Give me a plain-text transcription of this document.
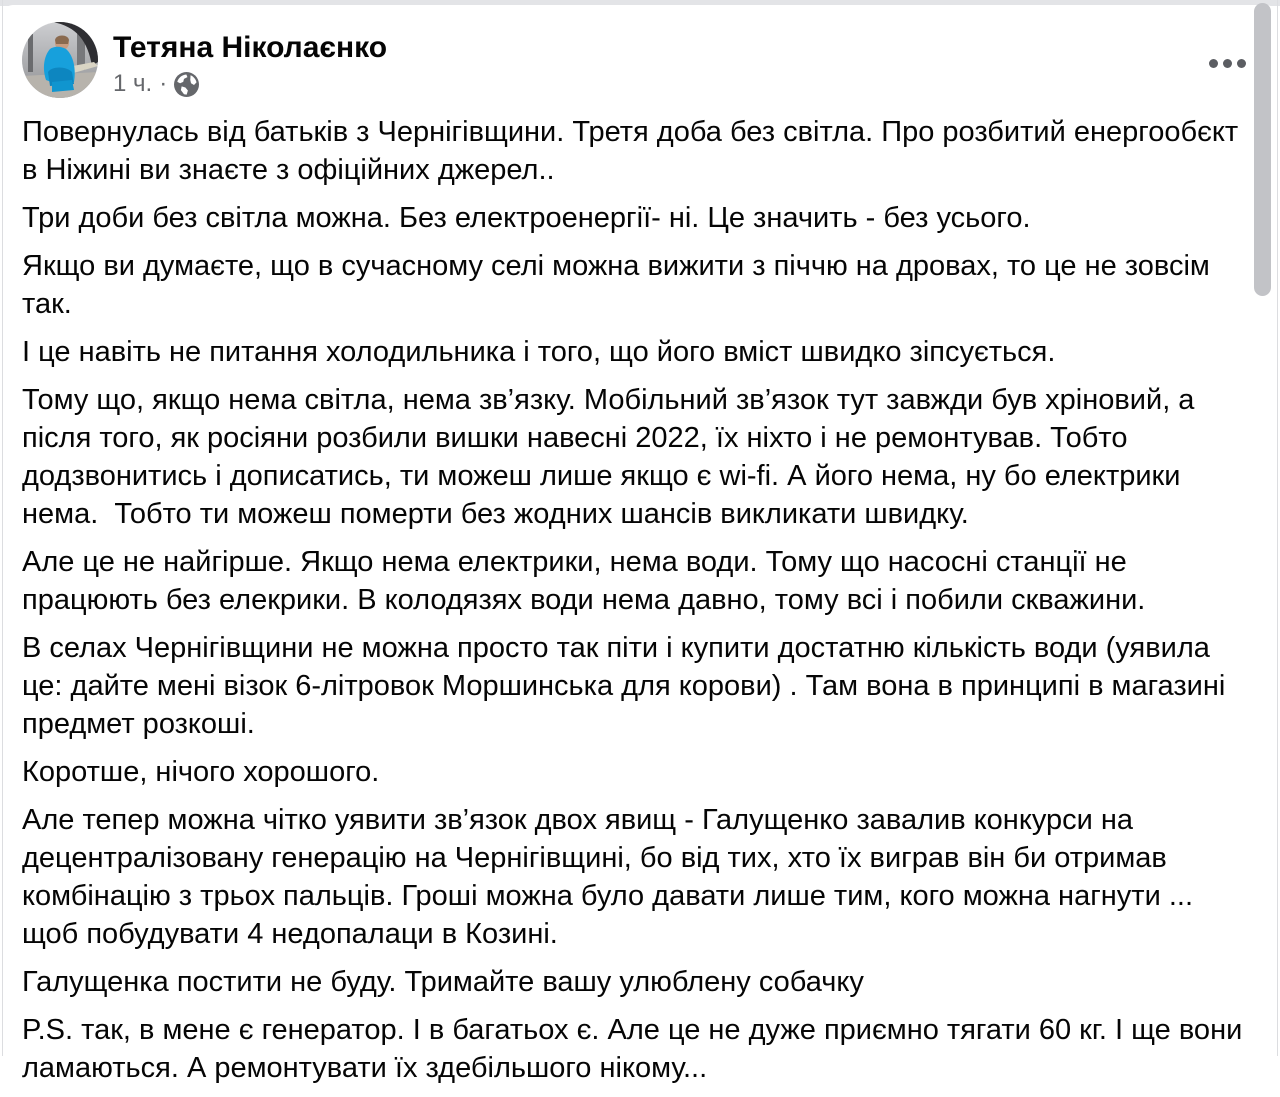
Тетяна Ніколаєнко
1 ч. ·

Повернулась від батьків з Чернігівщини. Третя доба без світла. Про розбитий енергообєкт в Ніжині ви знаєте з офіційних джерел..

Три доби без світла можна. Без електроенергії- ні. Це значить - без усього.

Якщо ви думаєте, що в сучасному селі можна вижити з піччю на дровах, то це не зовсім так.

І це навіть не питання холодильника і того, що його вміст швидко зіпсується.

Тому що, якщо нема світла, нема зв’язку. Мобільний зв’язок тут завжди був хріновий, а після того, як росіяни розбили вишки навесні 2022, їх ніхто і не ремонтував. Тобто додзвонитись і дописатись, ти можеш лише якщо є wi-fi. А його нема, ну бо електрики нема.  Тобто ти можеш померти без жодних шансів викликати швидку.

Але це не найгірше. Якщо нема електрики, нема води. Тому що насосні станції не працюють без елекрики. В колодязях води нема давно, тому всі і побили скважини.

В селах Чернігівщини не можна просто так піти і купити достатню кількість води (уявила це: дайте мені візок 6-літровок Моршинська для корови) . Там вона в принципі в магазині предмет розкоші.

Коротше, нічого хорошого.

Але тепер можна чітко уявити зв’язок двох явищ - Галущенко завалив конкурси на децентралізовану генерацію на Чернігівщині, бо від тих, хто їх виграв він би отримав комбінацію з трьох пальців. Гроші можна було давати лише тим, кого можна нагнути ... щоб побудувати 4 недопалаци в Козині.

Галущенка постити не буду. Тримайте вашу улюблену собачку

P.S. так, в мене є генератор. І в багатьох є. Але це не дуже приємно тягати 60 кг. І ще вони ламаються. А ремонтувати їх здебільшого нікому...
